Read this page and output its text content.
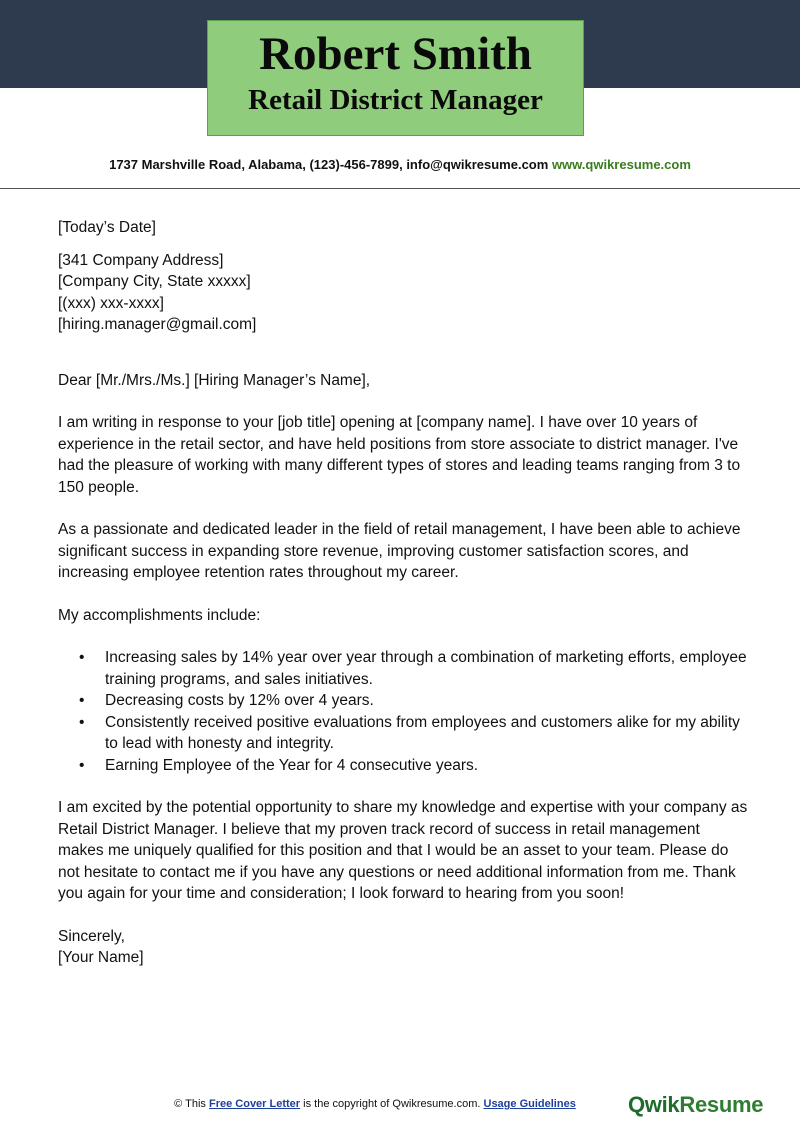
Robert Smith
Retail District Manager
1737 Marshville Road, Alabama, (123)-456-7899, info@qwikresume.com www.qwikresume.com

[Today’s Date]

[341 Company Address]

[Company City, State xxxxx]

[(xxx) xxx-xxxx]

[hiring.manager@gmail.com]

Dear [Mr./Mrs./Ms.] [Hiring Manager’s Name],

I am writing in response to your [job title] opening at [company name]. I have over 10 years of experience in the retail sector, and have held positions from store associate to district manager. I've had the pleasure of working with many different types of stores and leading teams ranging from 3 to 150 people.

As a passionate and dedicated leader in the field of retail management, I have been able to achieve significant success in expanding store revenue, improving customer satisfaction scores, and increasing employee retention rates throughout my career.

My accomplishments include:

• Increasing sales by 14% year over year through a combination of marketing efforts, employee training programs, and sales initiatives.
• Decreasing costs by 12% over 4 years.
• Consistently received positive evaluations from employees and customers alike for my ability to lead with honesty and integrity.
• Earning Employee of the Year for 4 consecutive years.

I am excited by the potential opportunity to share my knowledge and expertise with your company as Retail District Manager. I believe that my proven track record of success in retail management makes me uniquely qualified for this position and that I would be an asset to your team. Please do not hesitate to contact me if you have any questions or need additional information from me. Thank you again for your time and consideration; I look forward to hearing from you soon!

Sincerely,

[Your Name]

© This Free Cover Letter is the copyright of Qwikresume.com. Usage Guidelines	QwikResume
